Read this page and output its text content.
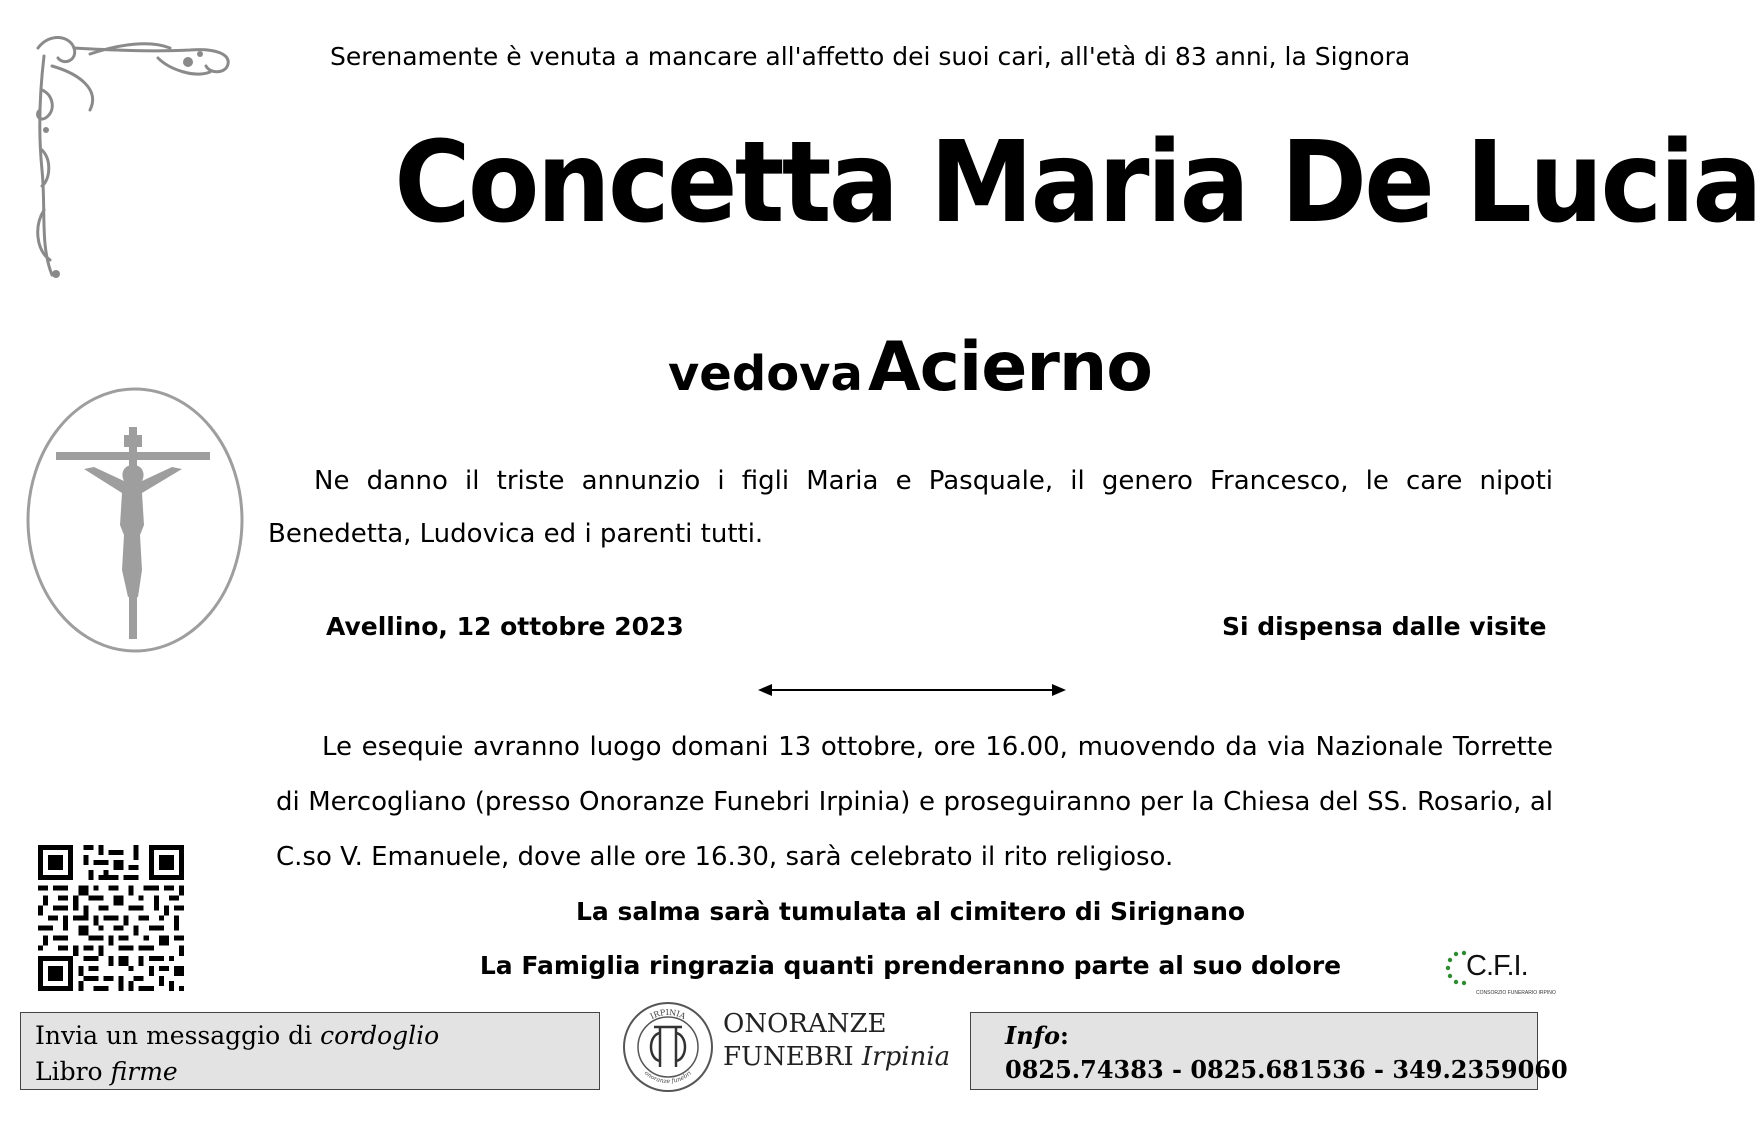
Serenamente è venuta a mancare all'affetto dei suoi cari, all'età di 83 anni, la Signora
Concetta Maria De Lucia
vedova Acierno
Ne danno il triste annunzio i figli Maria e Pasquale, il genero Francesco, le care nipoti Benedetta, Ludovica ed i parenti tutti.
Avellino, 12 ottobre 2023	Si dispensa dalle visite
Le esequie avranno luogo domani 13 ottobre, ore 16.00, muovendo da via Nazionale Torrette di Mercogliano (presso Onoranze Funebri Irpinia) e proseguiranno per la Chiesa del SS. Rosario, al C.so V. Emanuele, dove alle ore 16.30, sarà celebrato il rito religioso.
La salma sarà tumulata al cimitero di Sirignano
La Famiglia ringrazia quanti prenderanno parte al suo dolore
CONSORZIO FUNERARIO IRPINO
C.F.I.
Invia un messaggio di cordoglio
Libro firme
IRPINIA
onoranze funebri
ONORANZE
FUNEBRI Irpinia
Info:
0825.74383 - 0825.681536 - 349.2359060
